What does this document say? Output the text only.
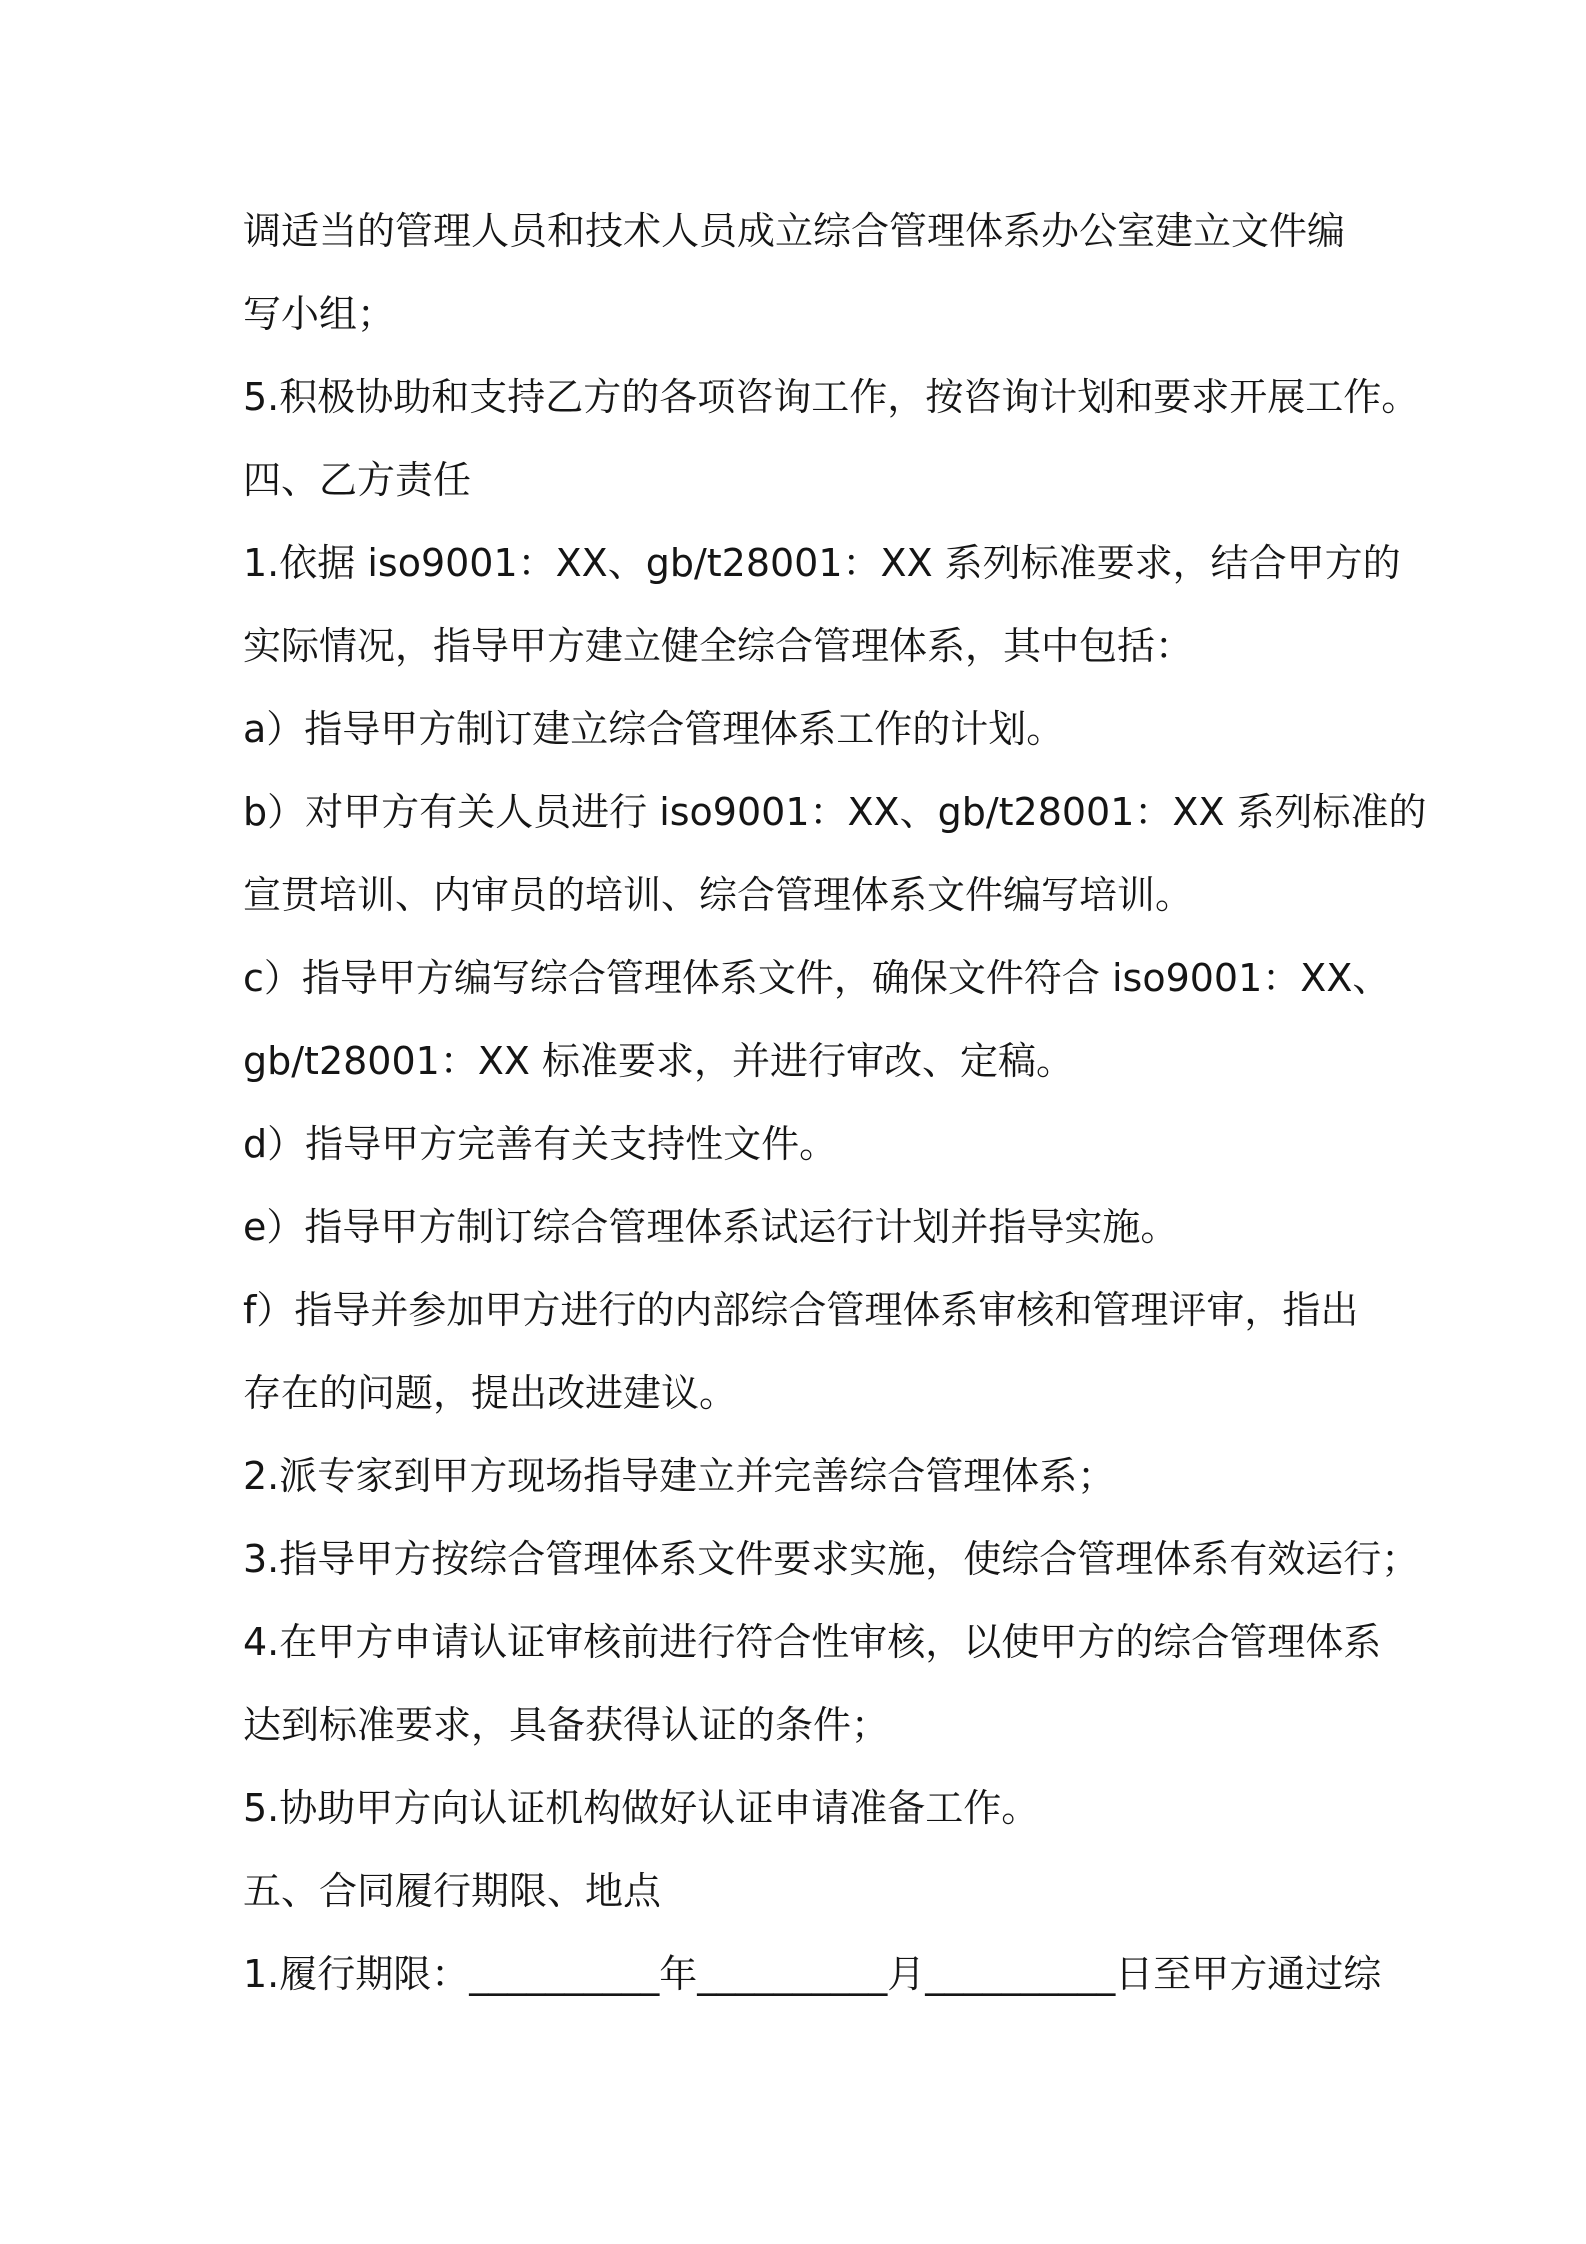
调适当的管理人员和技术人员成立综合管理体系办公室建立文件编

写小组；

5.积极协助和支持乙方的各项咨询工作，按咨询计划和要求开展工作。

四、乙方责任

1.依据 iso9001：XX、gb/t28001：XX 系列标准要求，结合甲方的

实际情况，指导甲方建立健全综合管理体系，其中包括：

a）指导甲方制订建立综合管理体系工作的计划。

b）对甲方有关人员进行 iso9001：XX、gb/t28001：XX 系列标准的

宣贯培训、内审员的培训、综合管理体系文件编写培训。

c）指导甲方编写综合管理体系文件，确保文件符合 iso9001：XX、

gb/t28001：XX 标准要求，并进行审改、定稿。

d）指导甲方完善有关支持性文件。

e）指导甲方制订综合管理体系试运行计划并指导实施。

f）指导并参加甲方进行的内部综合管理体系审核和管理评审，指出

存在的问题，提出改进建议。

2.派专家到甲方现场指导建立并完善综合管理体系；

3.指导甲方按综合管理体系文件要求实施，使综合管理体系有效运行；

4.在甲方申请认证审核前进行符合性审核，以使甲方的综合管理体系

达到标准要求，具备获得认证的条件；

5.协助甲方向认证机构做好认证申请准备工作。

五、合同履行期限、地点

1.履行期限：__________年__________月__________日至甲方通过综
